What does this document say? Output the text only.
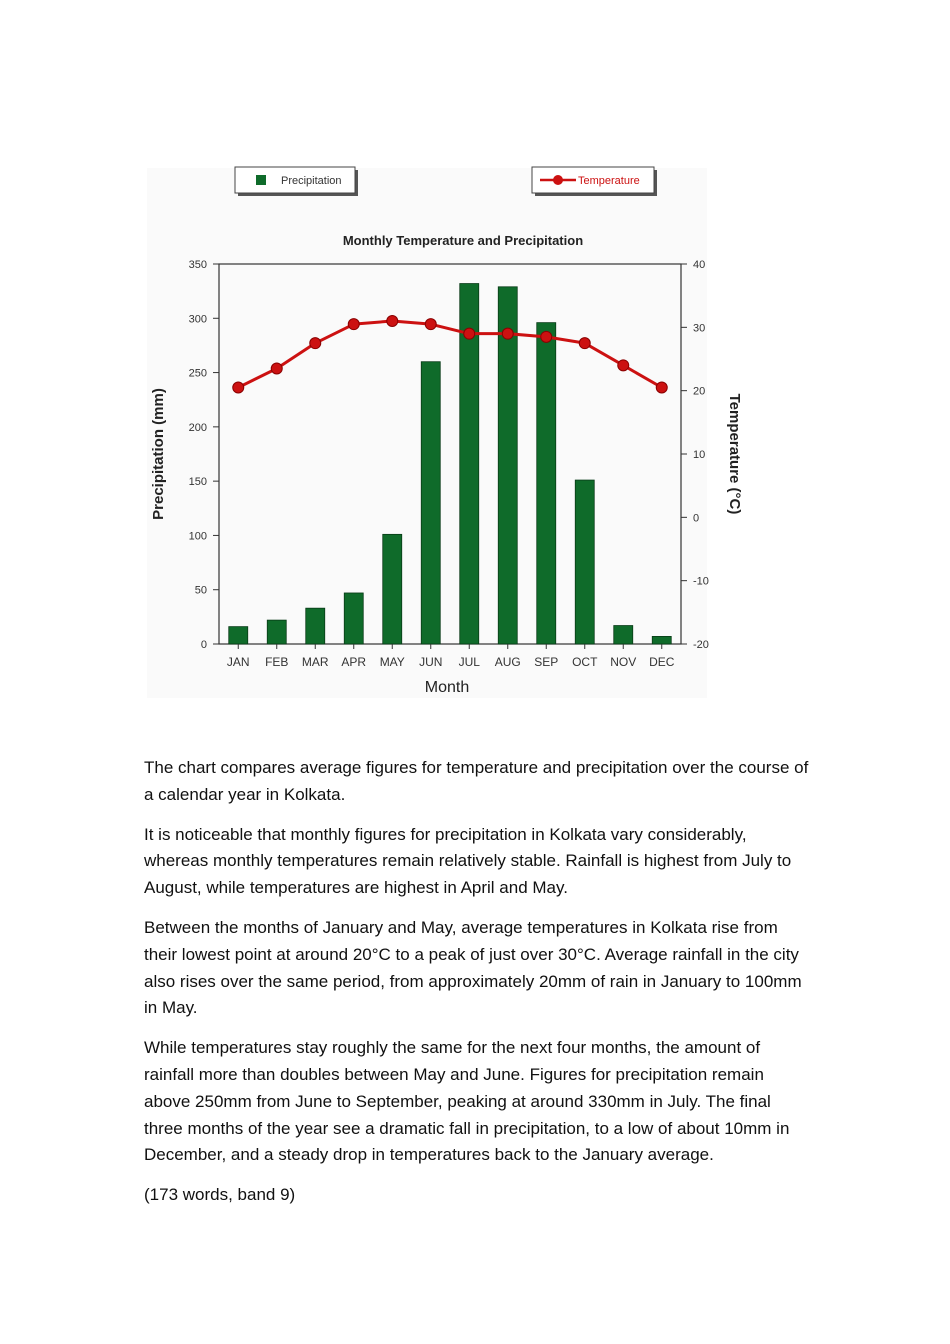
Precipitation	Temperature
Monthly Temperature and Precipitation
0
50
100
150
200
250
300
350
-20
-10
0
10
20
30
40
JAN FEB MAR APR MAY JUN JUL AUG SEP OCT NOV DEC
Month
Precipitation (mm)	Temperature (°C)

The chart compares average figures for temperature and precipitation over the course of a calendar year in Kolkata.

It is noticeable that monthly figures for precipitation in Kolkata vary considerably, whereas monthly temperatures remain relatively stable. Rainfall is highest from July to August, while temperatures are highest in April and May.

Between the months of January and May, average temperatures in Kolkata rise from their lowest point at around 20°C to a peak of just over 30°C. Average rainfall in the city also rises over the same period, from approximately 20mm of rain in January to 100mm in May.

While temperatures stay roughly the same for the next four months, the amount of rainfall more than doubles between May and June. Figures for precipitation remain above 250mm from June to September, peaking at around 330mm in July. The final three months of the year see a dramatic fall in precipitation, to a low of about 10mm in December, and a steady drop in temperatures back to the January average.

(173 words, band 9)
